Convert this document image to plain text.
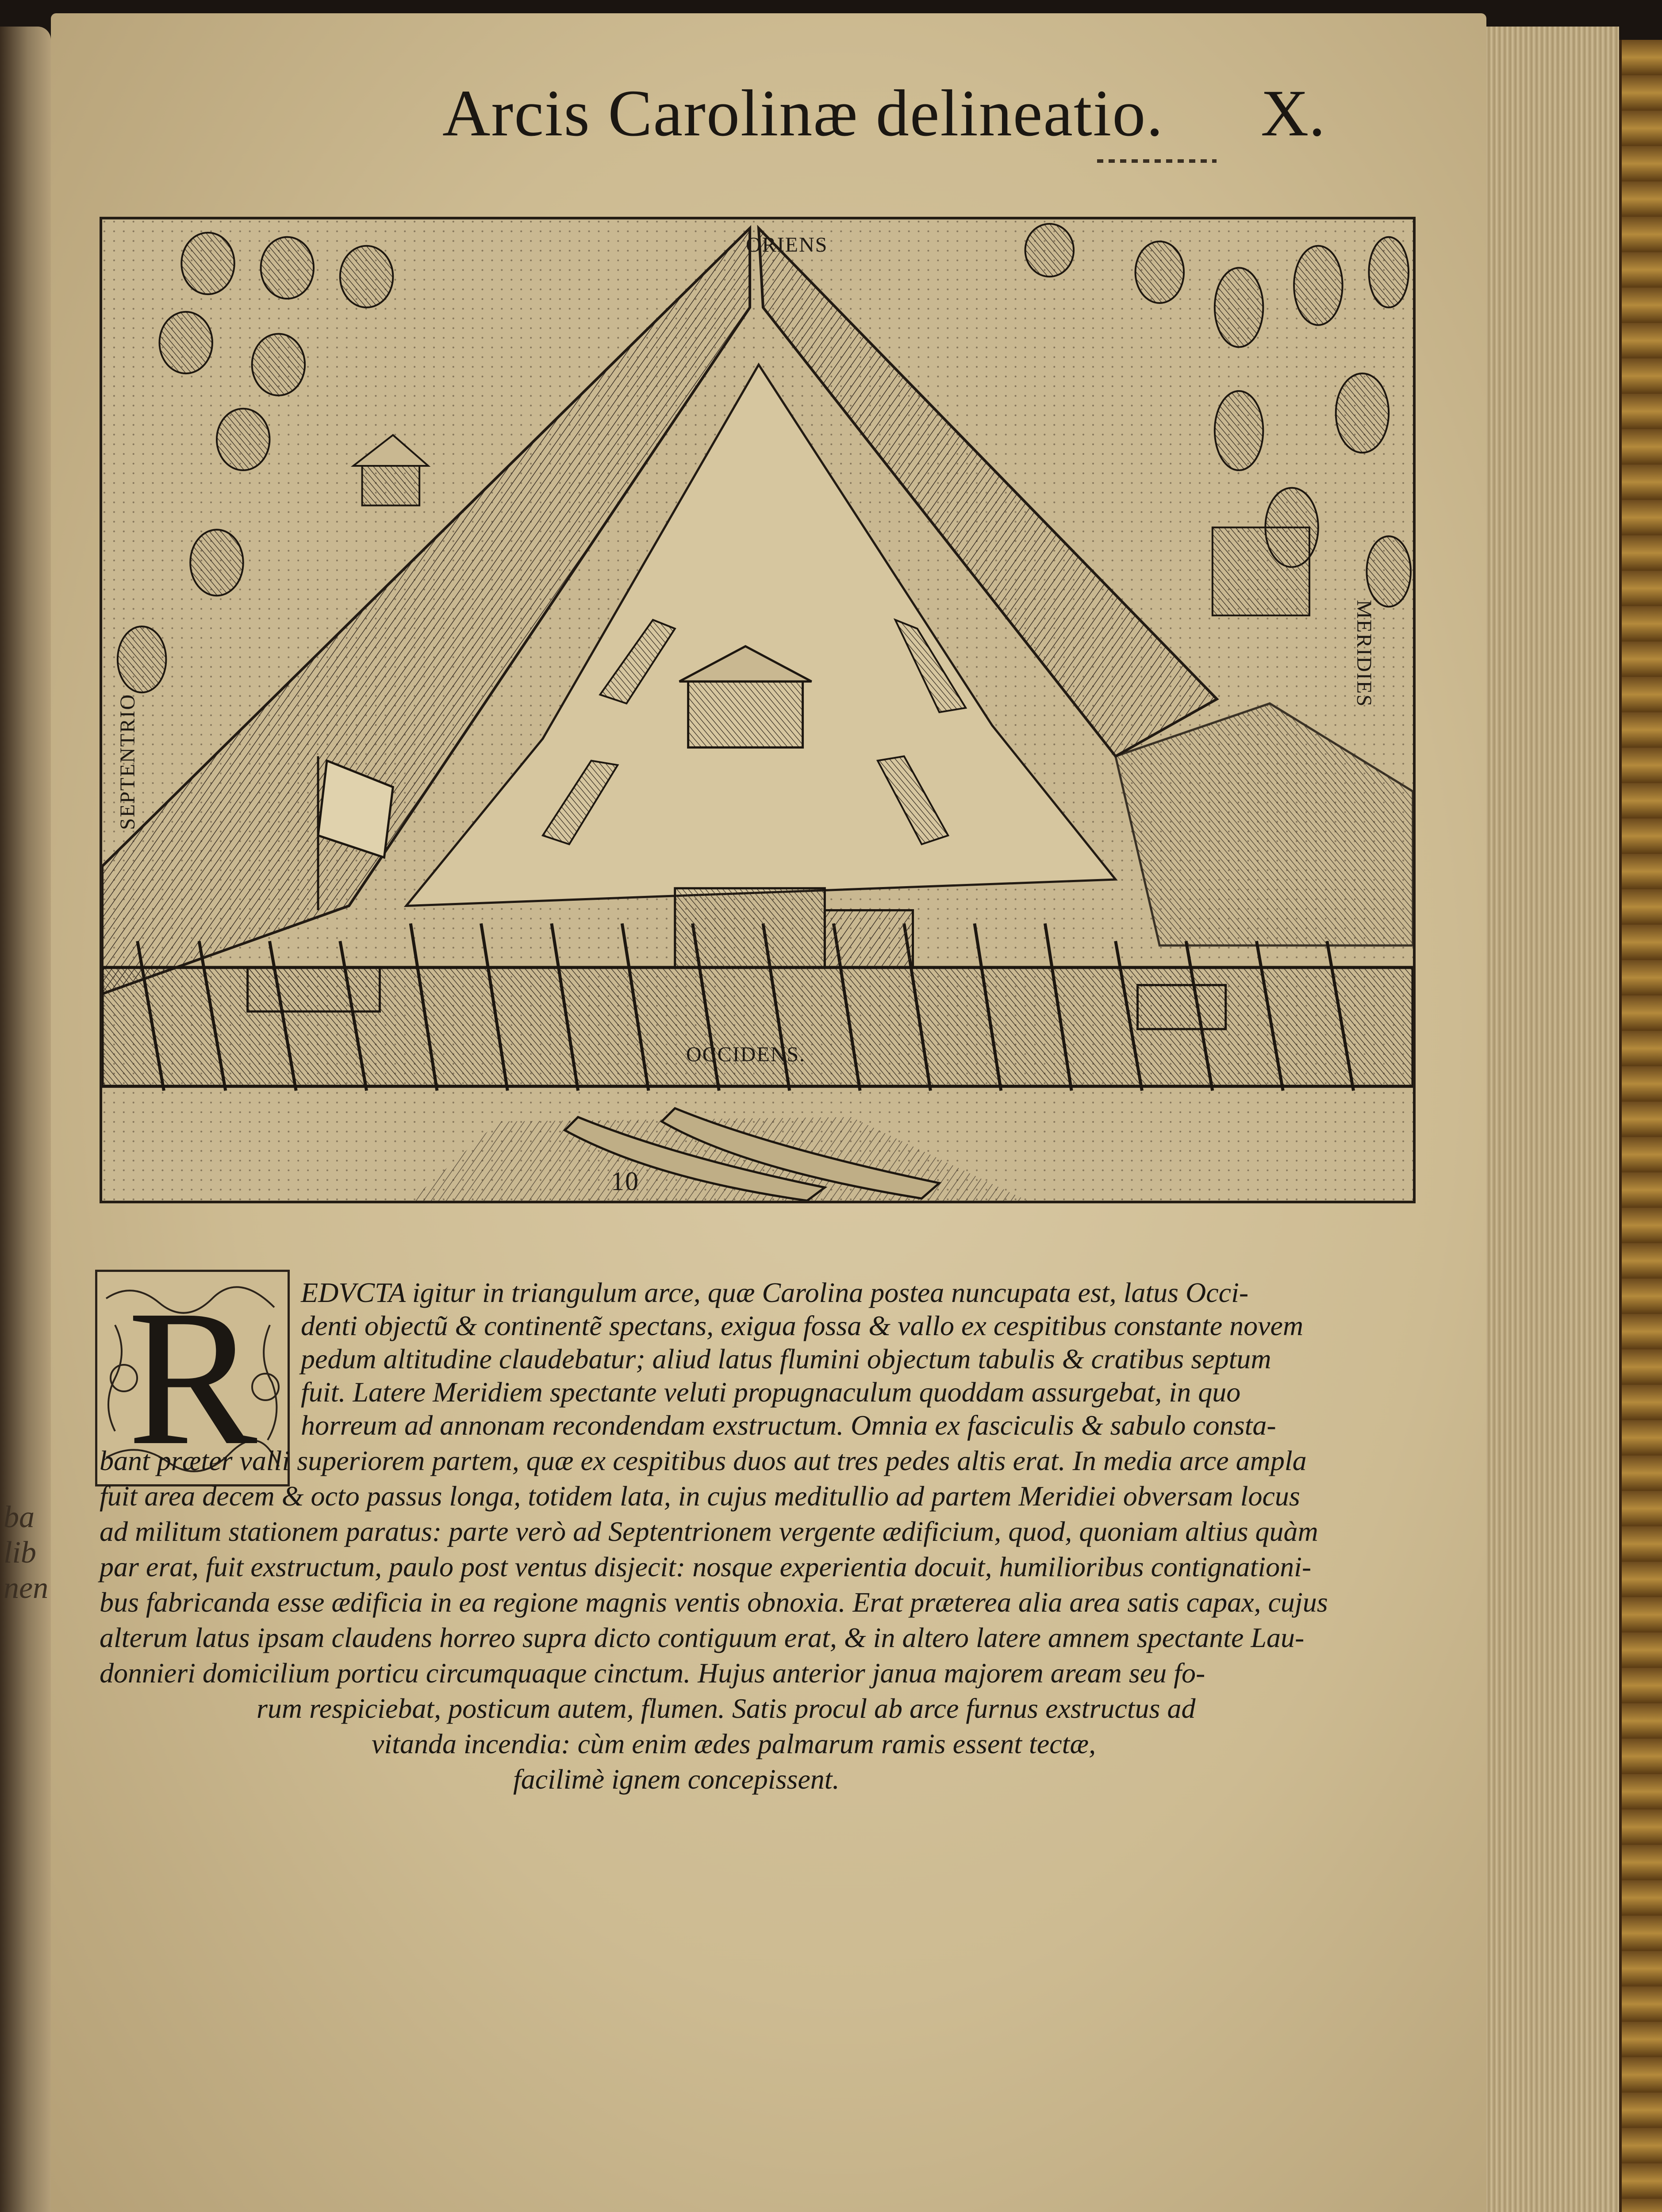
ba
lib
nen
Arcis Carolinæ delineatio. X.
ORIENS
MERIDIES
SEPTENTRIO
OCCIDENS.
10
R	EDVCTA igitur in triangulum arce, quæ Carolina postea nuncupata est, latus Occi-
denti objectũ & continentẽ spectans, exigua fossa & vallo ex cespitibus constante novem
pedum altitudine claudebatur; aliud latus flumini objectum tabulis & cratibus septum
fuit. Latere Meridiem spectante veluti propugnaculum quoddam assurgebat, in quo
horreum ad annonam recondendam exstructum. Omnia ex fasciculis & sabulo consta-
bant præter valli superiorem partem, quæ ex cespitibus duos aut tres pedes altis erat. In media arce ampla
fuit area decem & octo passus longa, totidem lata, in cujus meditullio ad partem Meridiei obversam locus
ad militum stationem paratus: parte verò ad Septentrionem vergente ædificium, quod, quoniam altius quàm
par erat, fuit exstructum, paulo post ventus disjecit: nosque experientia docuit, humilioribus contignationi-
bus fabricanda esse ædificia in ea regione magnis ventis obnoxia. Erat præterea alia area satis capax, cujus
alterum latus ipsam claudens horreo supra dicto contiguum erat, & in altero latere amnem spectante Lau-
donnieri domicilium porticu circumquaque cinctum. Hujus anterior janua majorem aream seu fo-
rum respiciebat, posticum autem, flumen. Satis procul ab arce furnus exstructus ad
vitanda incendia: cùm enim ædes palmarum ramis essent tectæ,
facilimè ignem concepissent.
